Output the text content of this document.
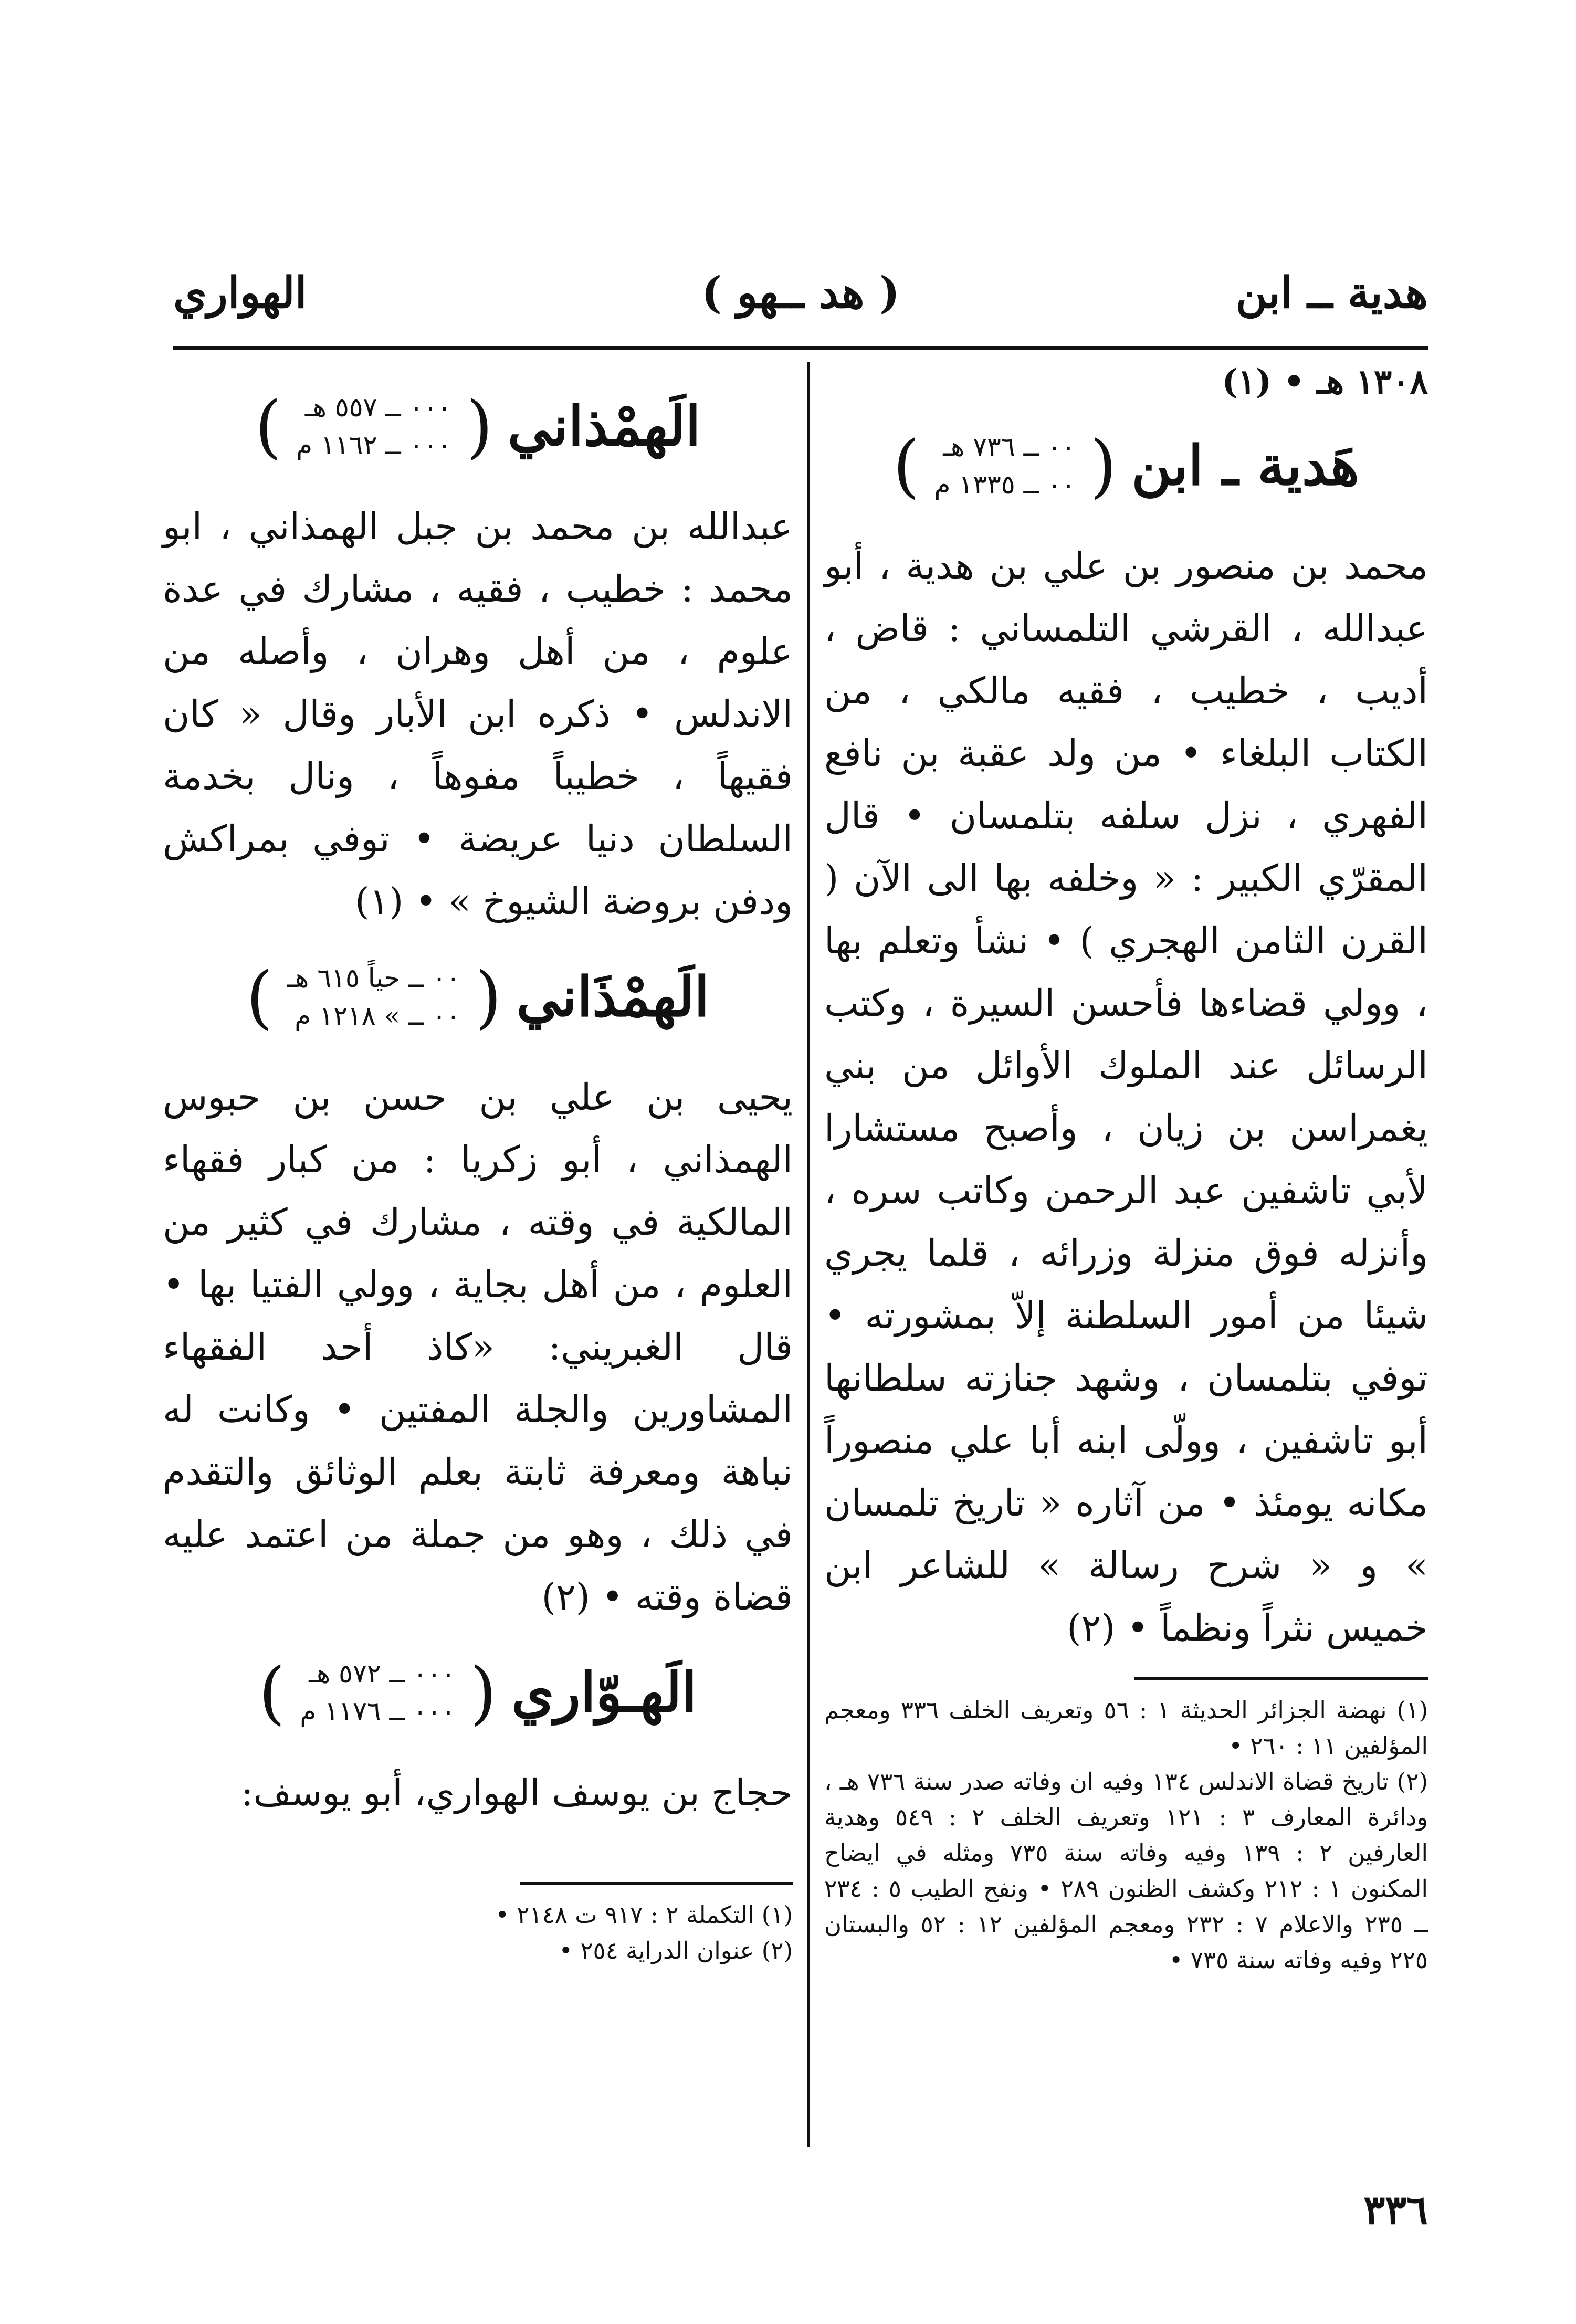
هدية ــ ابن
( هد ــهو )
الهواري

١٣٠٨ هـ • (١)

هَدية ـ ابن
(
٠٠ ــ ٧٣٦ هـ
٠٠ ــ ١٣٣٥ م
)

محمد بن منصور بن علي بن هدية ، أبو عبدالله ، القرشي التلمساني : قاض ، أديب ، خطيب ، فقيه مالكي ، من الكتاب البلغاء • من ولد عقبة بن نافع الفهري ، نزل سلفه بتلمسان • قال المقرّي الكبير : « وخلفه بها الى الآن ( القرن الثامن الهجري ) • نشأ وتعلم بها ، وولي قضاءها فأحسن السيرة ، وكتب الرسائل عند الملوك الأوائل من بني يغمراسن بن زيان ، وأصبح مستشارا لأبي تاشفين عبد الرحمن وكاتب سره ، وأنزله فوق منزلة وزرائه ، قلما يجري شيئا من أمور السلطنة إلاّ بمشورته • توفي بتلمسان ، وشهد جنازته سلطانها أبو تاشفين ، وولّى ابنه أبا علي منصوراً مكانه يومئذ • من آثاره « تاريخ تلمسان » و « شرح رسالة » للشاعر ابن خميس نثراً ونظماً • (٢)

(١) نهضة الجزائر الحديثة ١ : ٥٦ وتعريف الخلف ٣٣٦ ومعجم المؤلفين ١١ : ٢٦٠ •

(٢) تاريخ قضاة الاندلس ١٣٤ وفيه ان وفاته صدر سنة ٧٣٦ هـ ، ودائرة المعارف ٣ : ١٢١ وتعريف الخلف ٢ : ٥٤٩ وهدية العارفين ٢ : ١٣٩ وفيه وفاته سنة ٧٣٥ ومثله في ايضاح المكنون ١ : ٢١٢ وكشف الظنون ٢٨٩ • ونفح الطيب ٥ : ٢٣٤ ــ ٢٣٥ والاعلام ٧ : ٢٣٢ ومعجم المؤلفين ١٢ : ٥٢ والبستان ٢٢٥ وفيه وفاته سنة ٧٣٥ •

الَهمْذاني
(
٠٠٠ ــ ٥٥٧ هـ
٠٠٠ ــ ١١٦٢ م
)

عبدالله بن محمد بن جبل الهمذاني ، ابو محمد : خطيب ، فقيه ، مشارك في عدة علوم ، من أهل وهران ، وأصله من الاندلس • ذكره ابن الأبار وقال « كان فقيهاً ، خطيباً مفوهاً ، ونال بخدمة السلطان دنيا عريضة • توفي بمراكش ودفن بروضة الشيوخ » • (١)

الَهمْذَاني
(
٠٠ ــ حياً ٦١٥ هـ
٠٠ ــ » ١٢١٨ م
)

يحيى بن علي بن حسن بن حبوس الهمذاني ، أبو زكريا : من كبار فقهاء المالكية في وقته ، مشارك في كثير من العلوم ، من أهل بجاية ، وولي الفتيا بها • قال الغبريني: «كاذ أحد الفقهاء المشاورين والجلة المفتين • وكانت له نباهة ومعرفة ثابتة بعلم الوثائق والتقدم في ذلك ، وهو من جملة من اعتمد عليه قضاة وقته • (٢)

الَهـوّاري
(
٠٠٠ ــ ٥٧٢ هـ
٠٠٠ ــ ١١٧٦ م
)

حجاج بن يوسف الهواري، أبو يوسف:

(١) التكملة ٢ : ٩١٧ ت ٢١٤٨ •

(٢) عنوان الدراية ٢٥٤ •

٣٣٦
